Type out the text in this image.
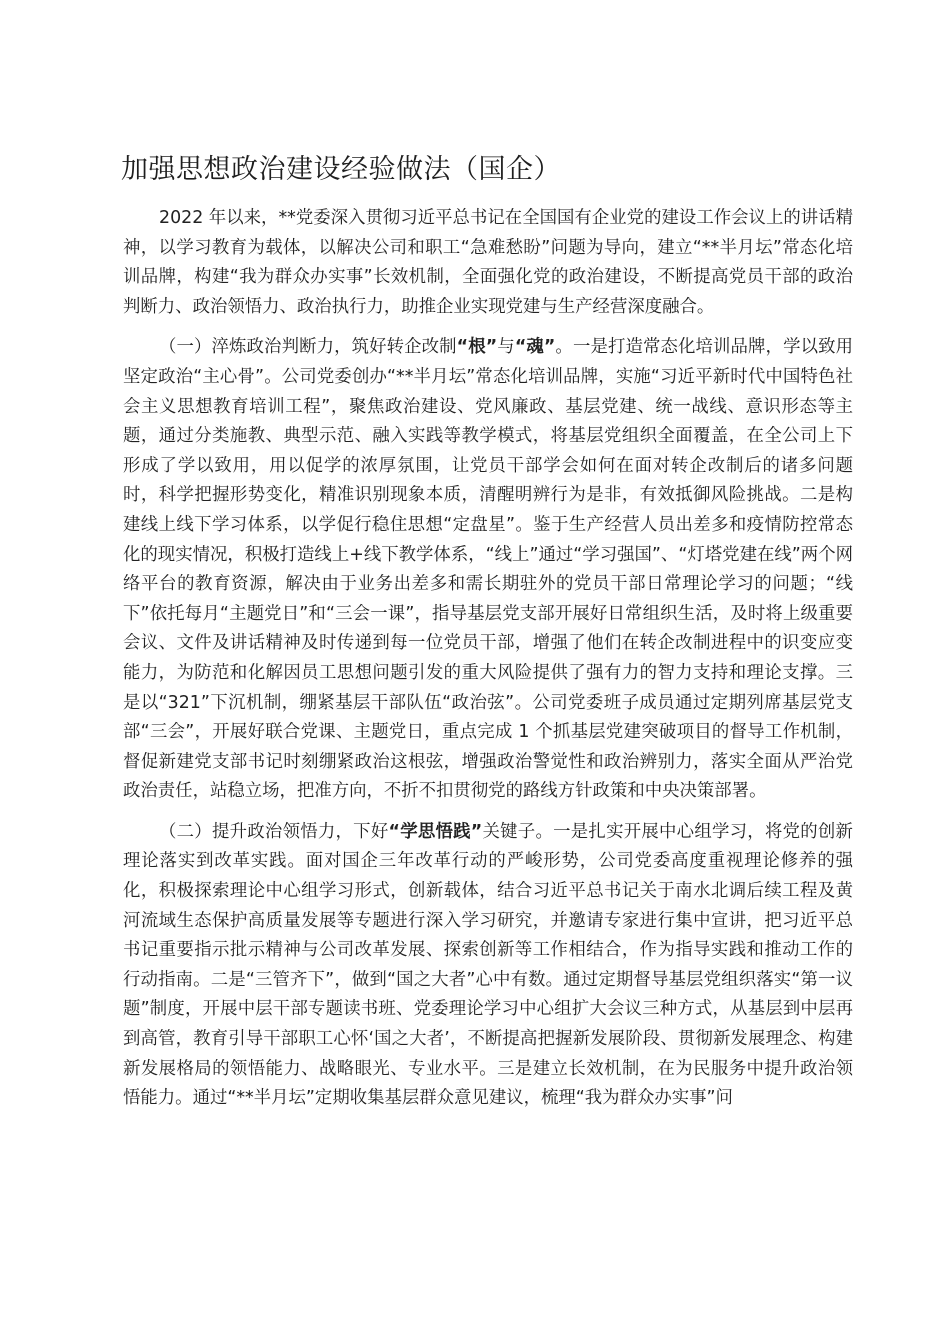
加强思想政治建设经验做法（国企）

2022 年以来，**党委深入贯彻习近平总书记在全国国有企业党的建设工作会议上的讲话精神，以学习教育为载体，以解决公司和职工“急难愁盼”问题为导向，建立“**半月坛”常态化培训品牌，构建“我为群众办实事”长效机制，全面强化党的政治建设，不断提高党员干部的政治判断力、政治领悟力、政治执行力，助推企业实现党建与生产经营深度融合。

（一）淬炼政治判断力，筑好转企改制“根”与“魂”。一是打造常态化培训品牌，学以致用坚定政治“主心骨”。公司党委创办“**半月坛”常态化培训品牌，实施“习近平新时代中国特色社会主义思想教育培训工程”，聚焦政治建设、党风廉政、基层党建、统一战线、意识形态等主题，通过分类施教、典型示范、融入实践等教学模式，将基层党组织全面覆盖，在全公司上下形成了学以致用，用以促学的浓厚氛围，让党员干部学会如何在面对转企改制后的诸多问题时，科学把握形势变化，精准识别现象本质，清醒明辨行为是非，有效抵御风险挑战。二是构建线上线下学习体系，以学促行稳住思想“定盘星”。鉴于生产经营人员出差多和疫情防控常态化的现实情况，积极打造线上+线下教学体系，“线上”通过“学习强国”、“灯塔党建在线”两个网络平台的教育资源，解决由于业务出差多和需长期驻外的党员干部日常理论学习的问题；“线下”依托每月“主题党日”和“三会一课”，指导基层党支部开展好日常组织生活，及时将上级重要会议、文件及讲话精神及时传递到每一位党员干部，增强了他们在转企改制进程中的识变应变能力，为防范和化解因员工思想问题引发的重大风险提供了强有力的智力支持和理论支撑。三是以“321”下沉机制，绷紧基层干部队伍“政治弦”。公司党委班子成员通过定期列席基层党支部“三会”，开展好联合党课、主题党日，重点完成 1 个抓基层党建突破项目的督导工作机制，督促新建党支部书记时刻绷紧政治这根弦，增强政治警觉性和政治辨别力，落实全面从严治党政治责任，站稳立场，把准方向，不折不扣贯彻党的路线方针政策和中央决策部署。

（二）提升政治领悟力，下好“学思悟践”关键子。一是扎实开展中心组学习，将党的创新理论落实到改革实践。面对国企三年改革行动的严峻形势，公司党委高度重视理论修养的强化，积极探索理论中心组学习形式，创新载体，结合习近平总书记关于南水北调后续工程及黄河流域生态保护高质量发展等专题进行深入学习研究，并邀请专家进行集中宣讲，把习近平总书记重要指示批示精神与公司改革发展、探索创新等工作相结合，作为指导实践和推动工作的行动指南。二是“三管齐下”，做到“国之大者”心中有数。通过定期督导基层党组织落实“第一议题”制度，开展中层干部专题读书班、党委理论学习中心组扩大会议三种方式，从基层到中层再到高管，教育引导干部职工心怀‘国之大者’，不断提高把握新发展阶段、贯彻新发展理念、构建新发展格局的领悟能力、战略眼光、专业水平。三是建立长效机制，在为民服务中提升政治领悟能力。通过“**半月坛”定期收集基层群众意见建议，梳理“我为群众办实事”问
